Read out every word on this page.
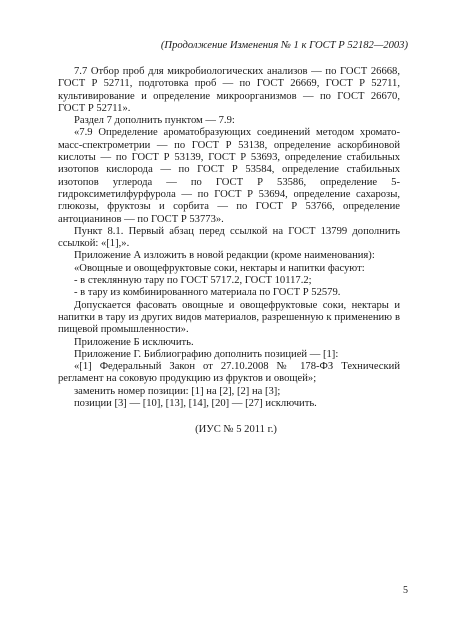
(Продолжение Изменения № 1 к ГОСТ Р 52182—2003)

7.7 Отбор проб для микробиологических анализов — по ГОСТ 26668, ГОСТ Р 52711, подготовка проб — по ГОСТ 26669, ГОСТ Р 52711, культивирование и определение микроорганизмов — по ГОСТ 26670, ГОСТ Р 52711».

Раздел 7 дополнить пунктом — 7.9:

«7.9 Определение ароматобразующих соединений методом хромато-масс-спектрометрии — по ГОСТ Р 53138, определение аскорбиновой кислоты — по ГОСТ Р 53139, ГОСТ Р 53693, определение стабильных изотопов кислорода — по ГОСТ Р 53584, определение стабильных изотопов углерода — по ГОСТ Р 53586, определение 5-гидроксиметилфурфурола — по ГОСТ Р 53694, определение сахарозы, глюкозы, фруктозы и сорбита — по ГОСТ Р 53766, определение антоцианинов — по ГОСТ Р 53773».

Пункт 8.1. Первый абзац перед ссылкой на ГОСТ 13799 дополнить ссылкой: «[1],».

Приложение А изложить в новой редакции (кроме наименования):

«Овощные и овощефруктовые соки, нектары и напитки фасуют:

- в стеклянную тару по ГОСТ 5717.2, ГОСТ 10117.2;

- в тару из комбинированного материала по ГОСТ Р 52579.

Допускается фасовать овощные и овощефруктовые соки, нектары и напитки в тару из других видов материалов, разрешенную к применению в пищевой промышленности».

Приложение Б исключить.

Приложение Г. Библиографию дополнить позицией — [1]:

«[1] Федеральный Закон от 27.10.2008 № 178-ФЗ Технический регламент на соковую продукцию из фруктов и овощей»;

заменить номер позиции: [1] на [2], [2] на [3];

позиции [3] — [10], [13], [14], [20] — [27] исключить.

(ИУС № 5 2011 г.)

5
